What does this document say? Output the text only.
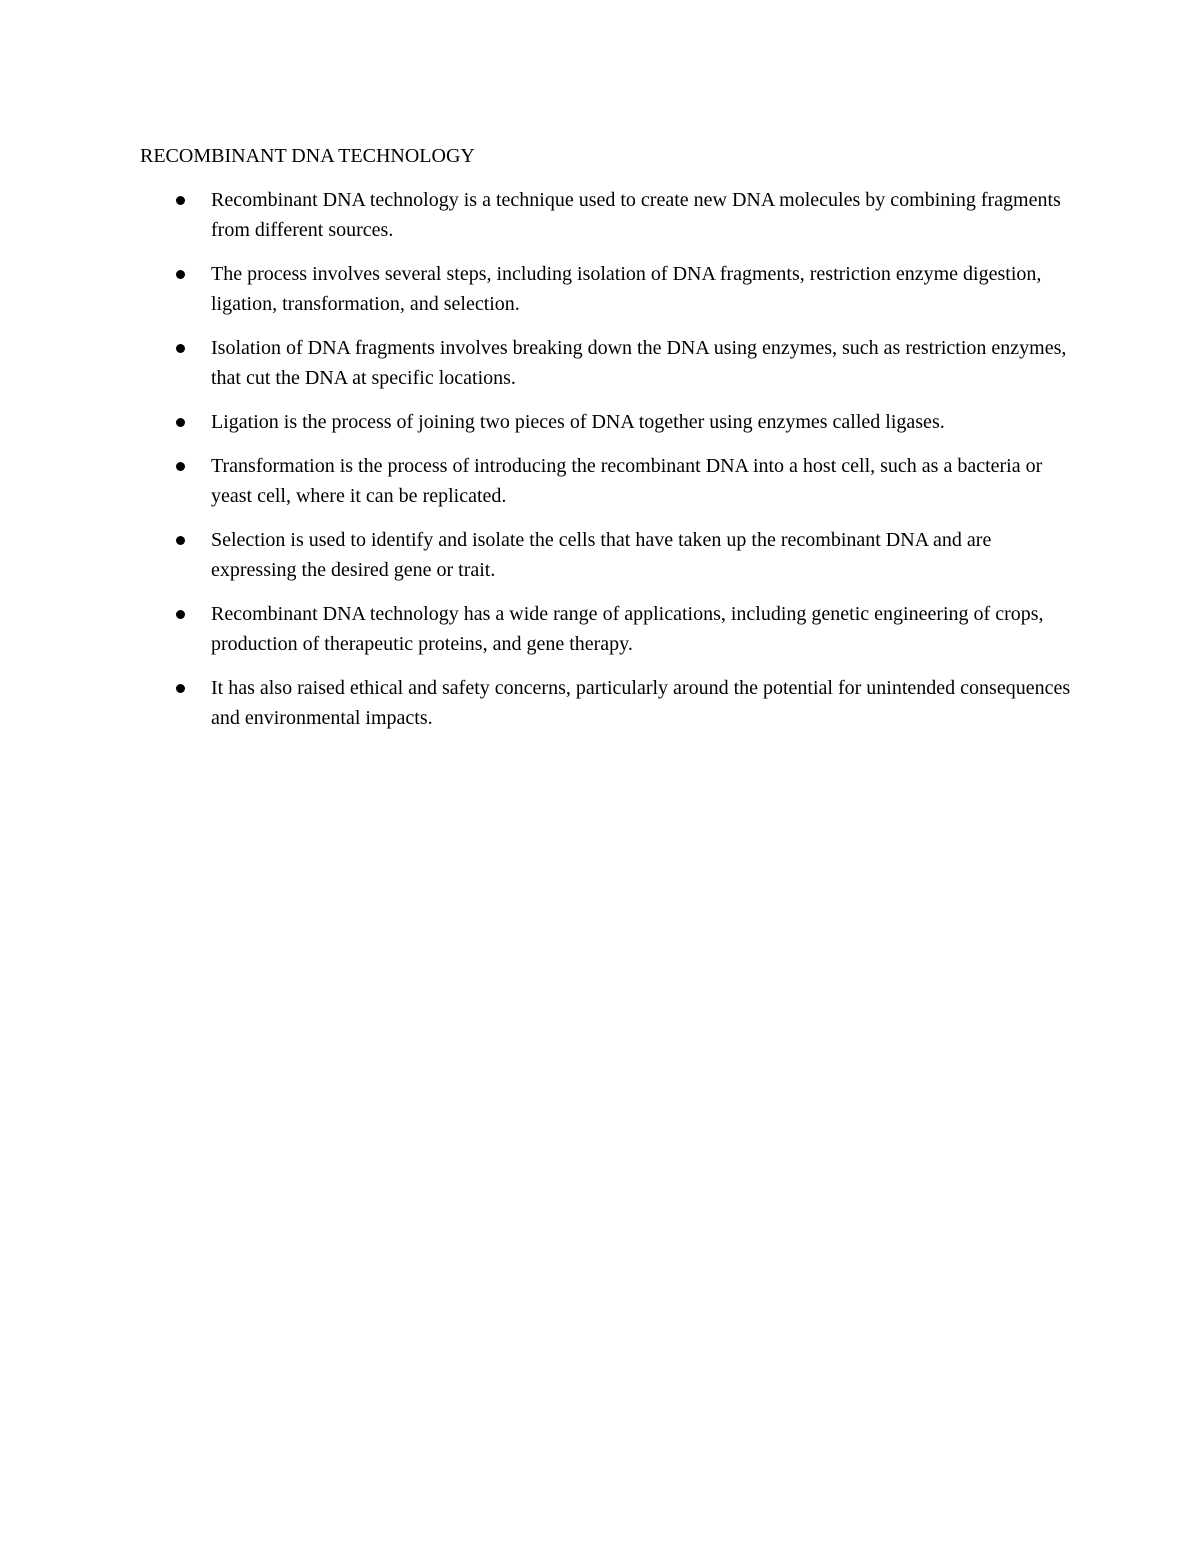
RECOMBINANT DNA TECHNOLOGY
Recombinant DNA technology is a technique used to create new DNA molecules by combining fragments from different sources.
The process involves several steps, including isolation of DNA fragments, restriction enzyme digestion, ligation, transformation, and selection.
Isolation of DNA fragments involves breaking down the DNA using enzymes, such as restriction enzymes, that cut the DNA at specific locations.
Ligation is the process of joining two pieces of DNA together using enzymes called ligases.
Transformation is the process of introducing the recombinant DNA into a host cell, such as a bacteria or yeast cell, where it can be replicated.
Selection is used to identify and isolate the cells that have taken up the recombinant DNA and are expressing the desired gene or trait.
Recombinant DNA technology has a wide range of applications, including genetic engineering of crops, production of therapeutic proteins, and gene therapy.
It has also raised ethical and safety concerns, particularly around the potential for unintended consequences and environmental impacts.
